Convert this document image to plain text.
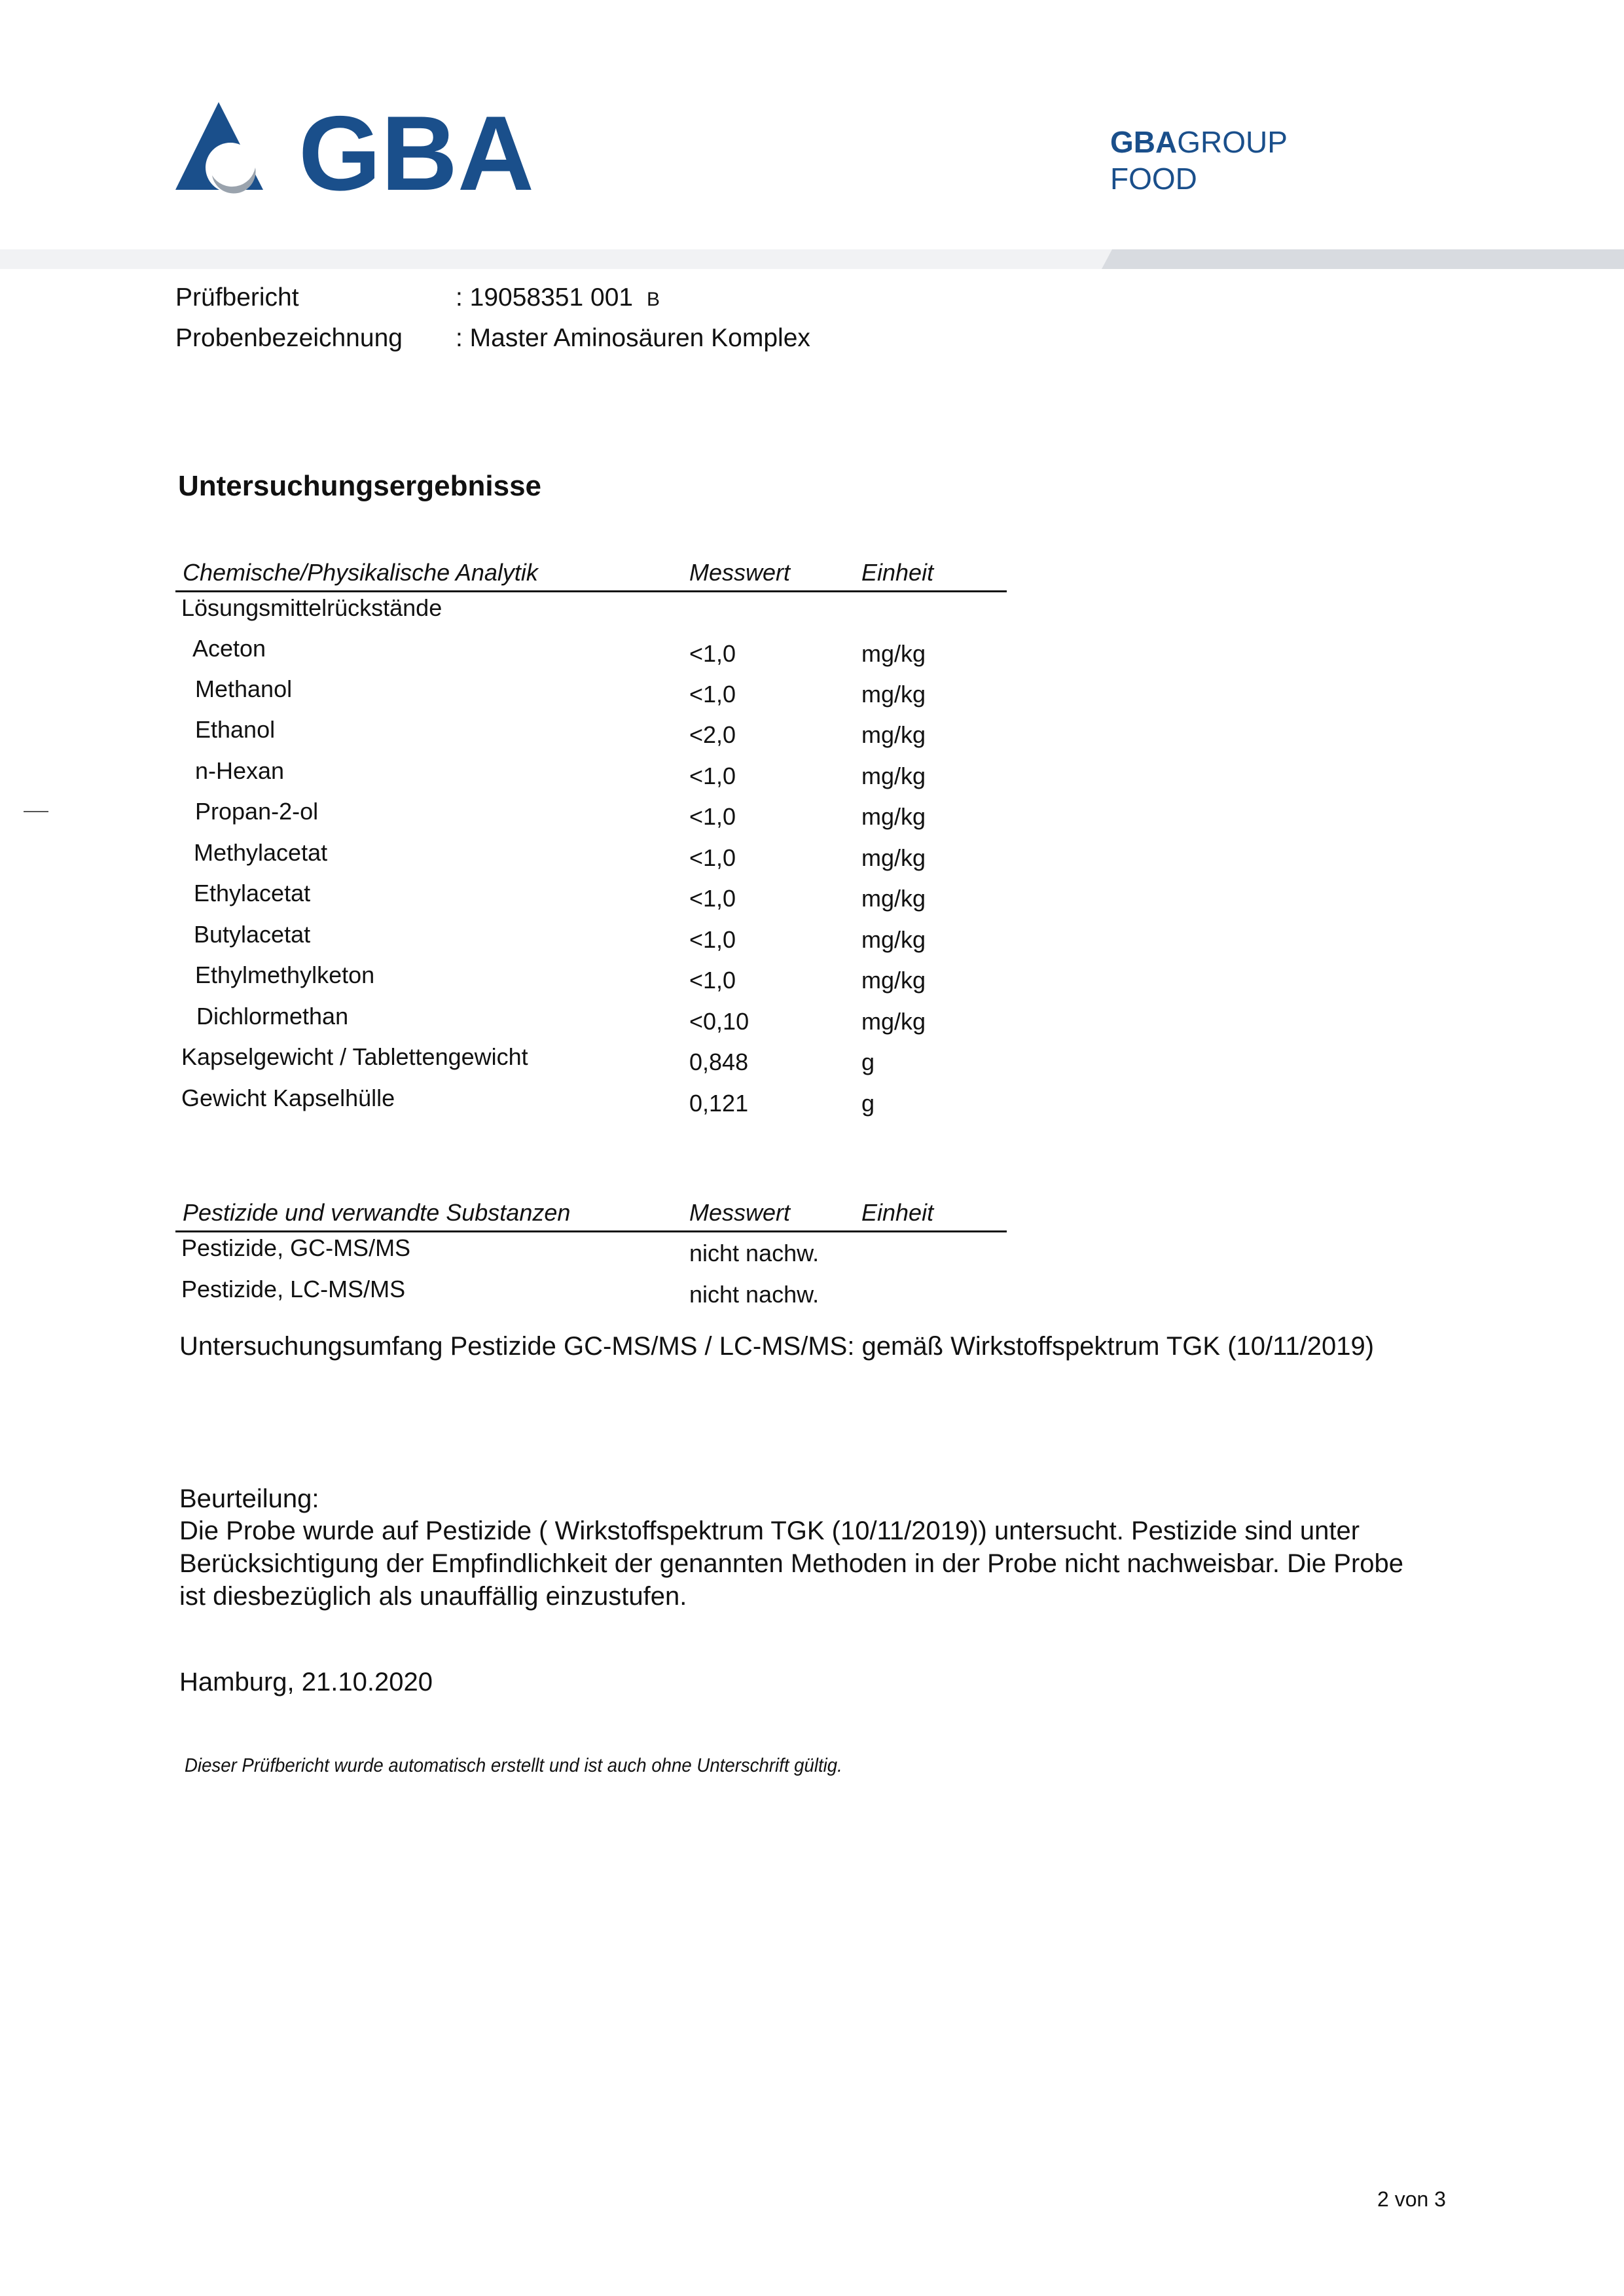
GBA	GBAGROUP
FOOD
Prüfbericht	: 19058351 001 B
Probenbezeichnung : Master Aminosäuren Komplex
Untersuchungsergebnisse
Chemische/Physikalische Analytik	Messwert	Einheit
Lösungsmittelrückstände
Aceton	<1,0	mg/kg
Methanol	<1,0	mg/kg
Ethanol	<2,0	mg/kg
n-Hexan	<1,0	mg/kg
Propan-2-ol	<1,0	mg/kg
Methylacetat	<1,0	mg/kg
Ethylacetat	<1,0	mg/kg
Butylacetat	<1,0	mg/kg
Ethylmethylketon	<1,0	mg/kg
Dichlormethan	<0,10	mg/kg
Kapselgewicht / Tablettengewicht	0,848	g
Gewicht Kapselhülle	0,121	g
Pestizide und verwandte Substanzen	Messwert	Einheit
Pestizide, GC-MS/MS	nicht nachw.
Pestizide, LC-MS/MS	nicht nachw.
Untersuchungsumfang Pestizide GC-MS/MS / LC-MS/MS: gemäß Wirkstoffspektrum TGK (10/11/2019)
Beurteilung:
Die Probe wurde auf Pestizide ( Wirkstoffspektrum TGK (10/11/2019)) untersucht. Pestizide sind unter Berücksichtigung der Empfindlichkeit der genannten Methoden in der Probe nicht nachweisbar. Die Probe ist diesbezüglich als unauffällig einzustufen.
Hamburg, 21.10.2020
Dieser Prüfbericht wurde automatisch erstellt und ist auch ohne Unterschrift gültig.
2 von 3
